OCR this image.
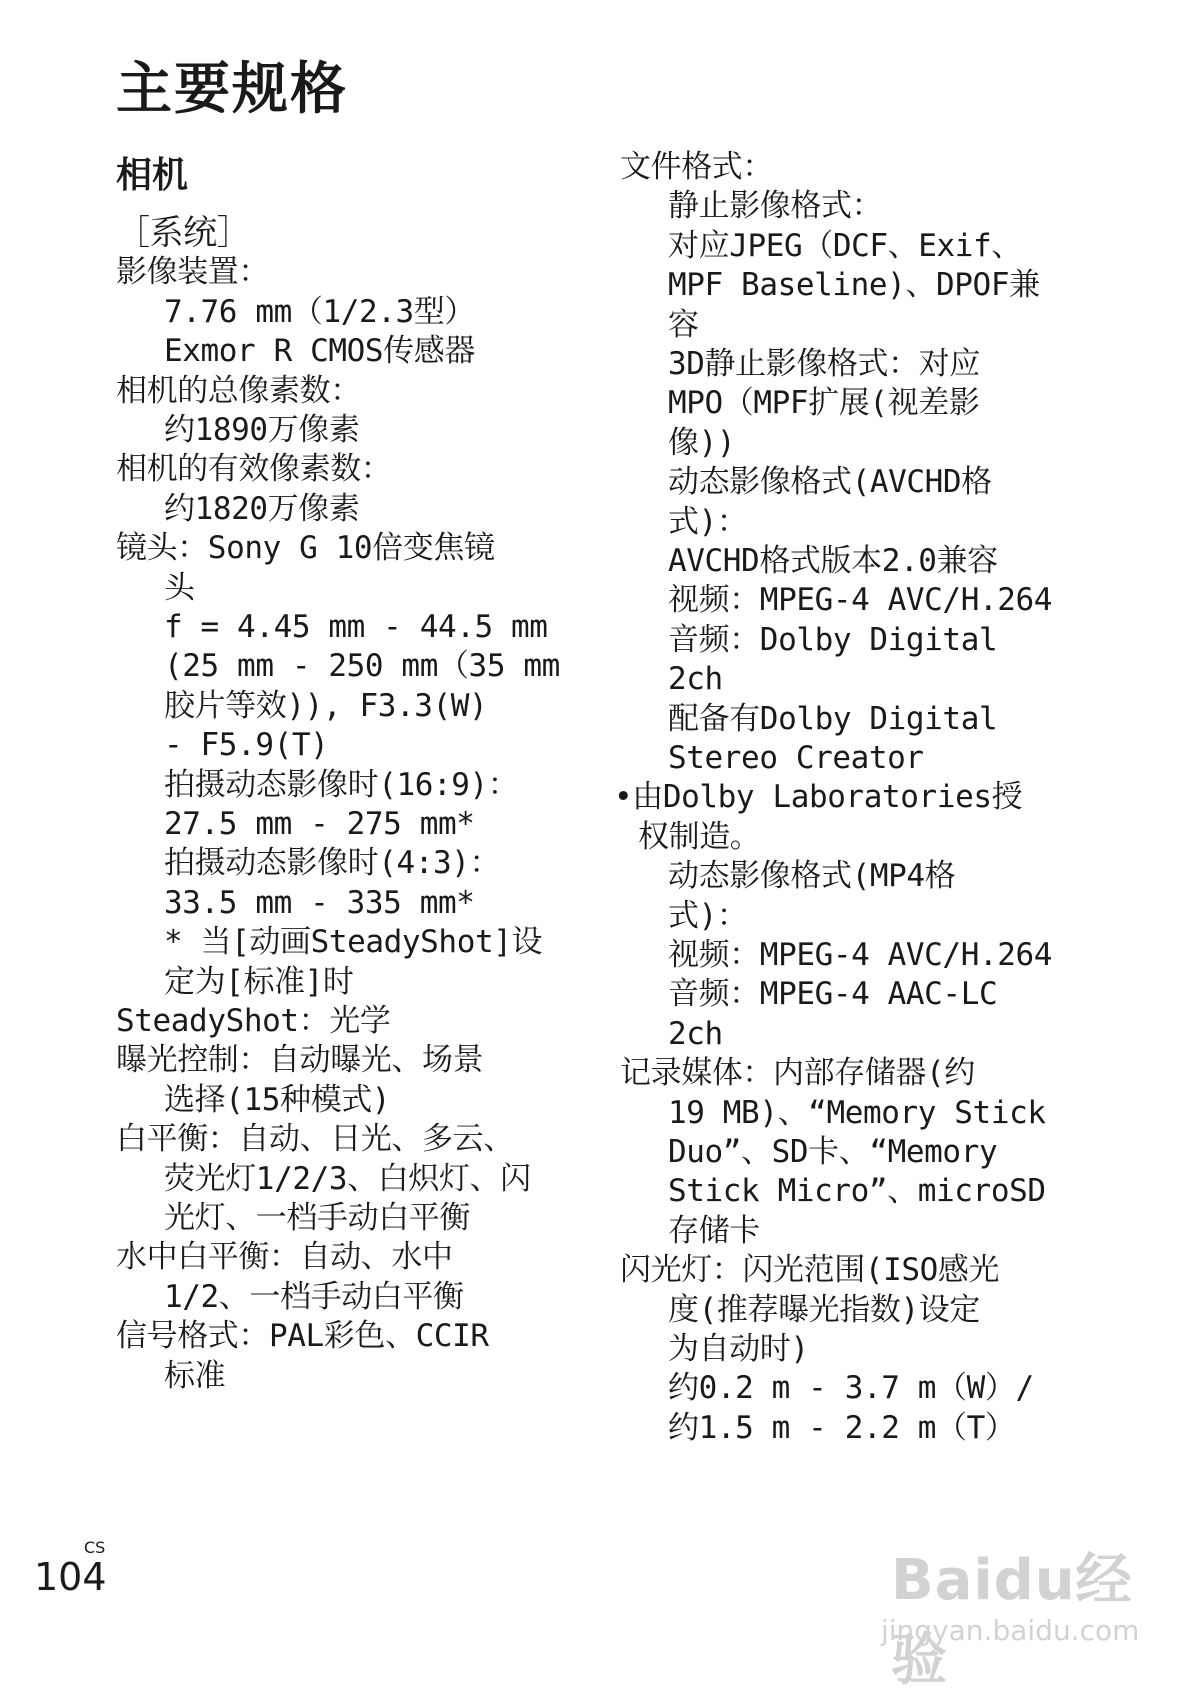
主要规格
相机
［系统］
影像装置：
7.76 mm（1/2.3型）
Exmor R CMOS传感器
相机的总像素数：
约1890万像素
相机的有效像素数：
约1820万像素
镜头：Sony G 10倍变焦镜
头
f = 4.45 mm - 44.5 mm
(25 mm - 250 mm（35 mm
胶片等效)), F3.3(W)
- F5.9(T)
拍摄动态影像时(16:9)：
27.5 mm - 275 mm*
拍摄动态影像时(4:3)：
33.5 mm - 335 mm*
* 当[动画SteadyShot]设
定为[标准]时
SteadyShot：光学
曝光控制：自动曝光、场景
选择(15种模式)
白平衡：自动、日光、多云、
荧光灯1/2/3、白炽灯、闪
光灯、一档手动白平衡
水中白平衡：自动、水中
1/2、一档手动白平衡
信号格式：PAL彩色、CCIR
标准
文件格式：
静止影像格式：
对应JPEG（DCF、Exif、
MPF Baseline)、DPOF兼
容
3D静止影像格式：对应
MPO（MPF扩展(视差影
像))
动态影像格式(AVCHD格
式)：
AVCHD格式版本2.0兼容
视频：MPEG-4 AVC/H.264
音频：Dolby Digital
2ch
配备有Dolby Digital
Stereo Creator
•由Dolby Laboratories授
权制造。
动态影像格式(MP4格
式)：
视频：MPEG-4 AVC/H.264
音频：MPEG-4 AAC-LC
2ch
记录媒体：内部存储器(约
19 MB)、“Memory Stick
Duo”、SD卡、“Memory
Stick Micro”、microSD
存储卡
闪光灯：闪光范围(ISO感光
度(推荐曝光指数)设定
为自动时)
约0.2 m - 3.7 m（W）/
约1.5 m - 2.2 m（T）
CS
104	Baidu经验
jingyan.baidu.com
